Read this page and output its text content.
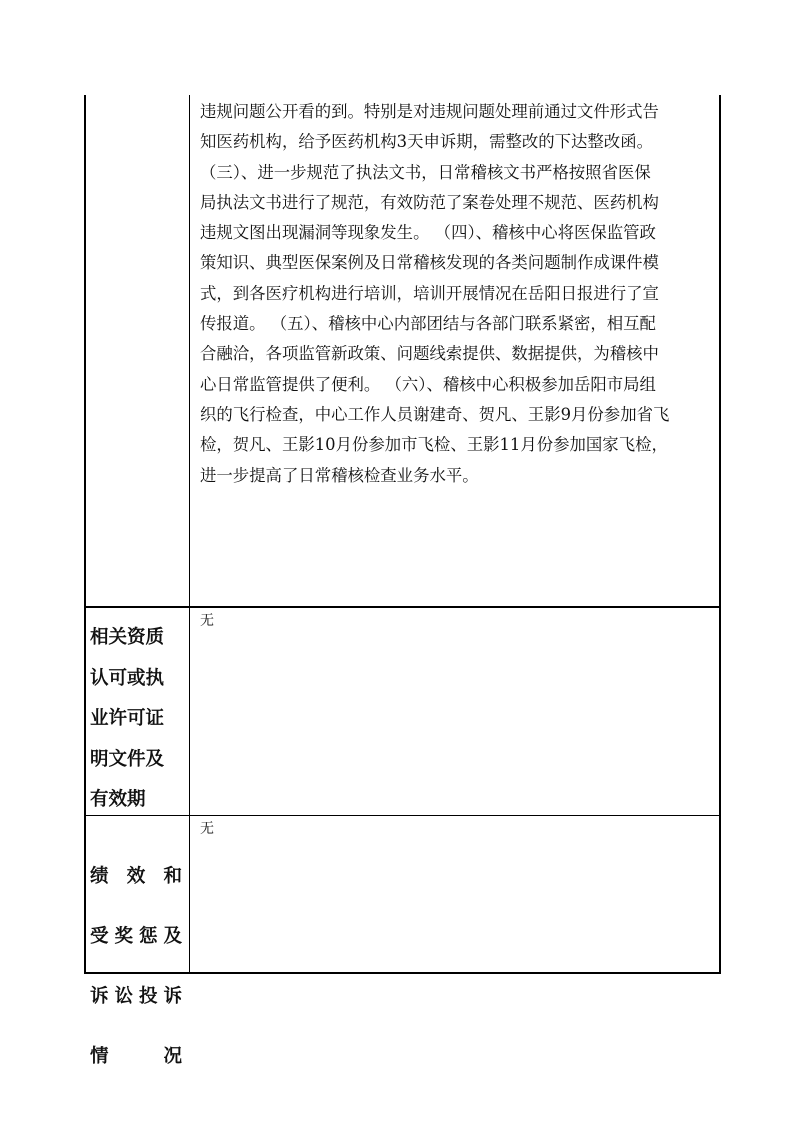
违规问题公开看的到。特别是对违规问题处理前通过文件形式告
知医药机构，给予医药机构3天申诉期，需整改的下达整改函。
（三）、进一步规范了执法文书，日常稽核文书严格按照省医保
局执法文书进行了规范，有效防范了案卷处理不规范、医药机构
违规文图出现漏洞等现象发生。 （四）、稽核中心将医保监管政
策知识、典型医保案例及日常稽核发现的各类问题制作成课件模
式，到各医疗机构进行培训，培训开展情况在岳阳日报进行了宣
传报道。 （五）、稽核中心内部团结与各部门联系紧密，相互配
合融洽，各项监管新政策、问题线索提供、数据提供，为稽核中
心日常监管提供了便利。 （六）、稽核中心积极参加岳阳市局组
织的飞行检查，中心工作人员谢建奇、贺凡、王影9月份参加省飞
检，贺凡、王影10月份参加市飞检、王影11月份参加国家飞检，
进一步提高了日常稽核检查业务水平。

相关资质
认可或执
业许可证
明文件及
有效期

无

绩效和

受奖惩及

诉讼投诉

情况

无
